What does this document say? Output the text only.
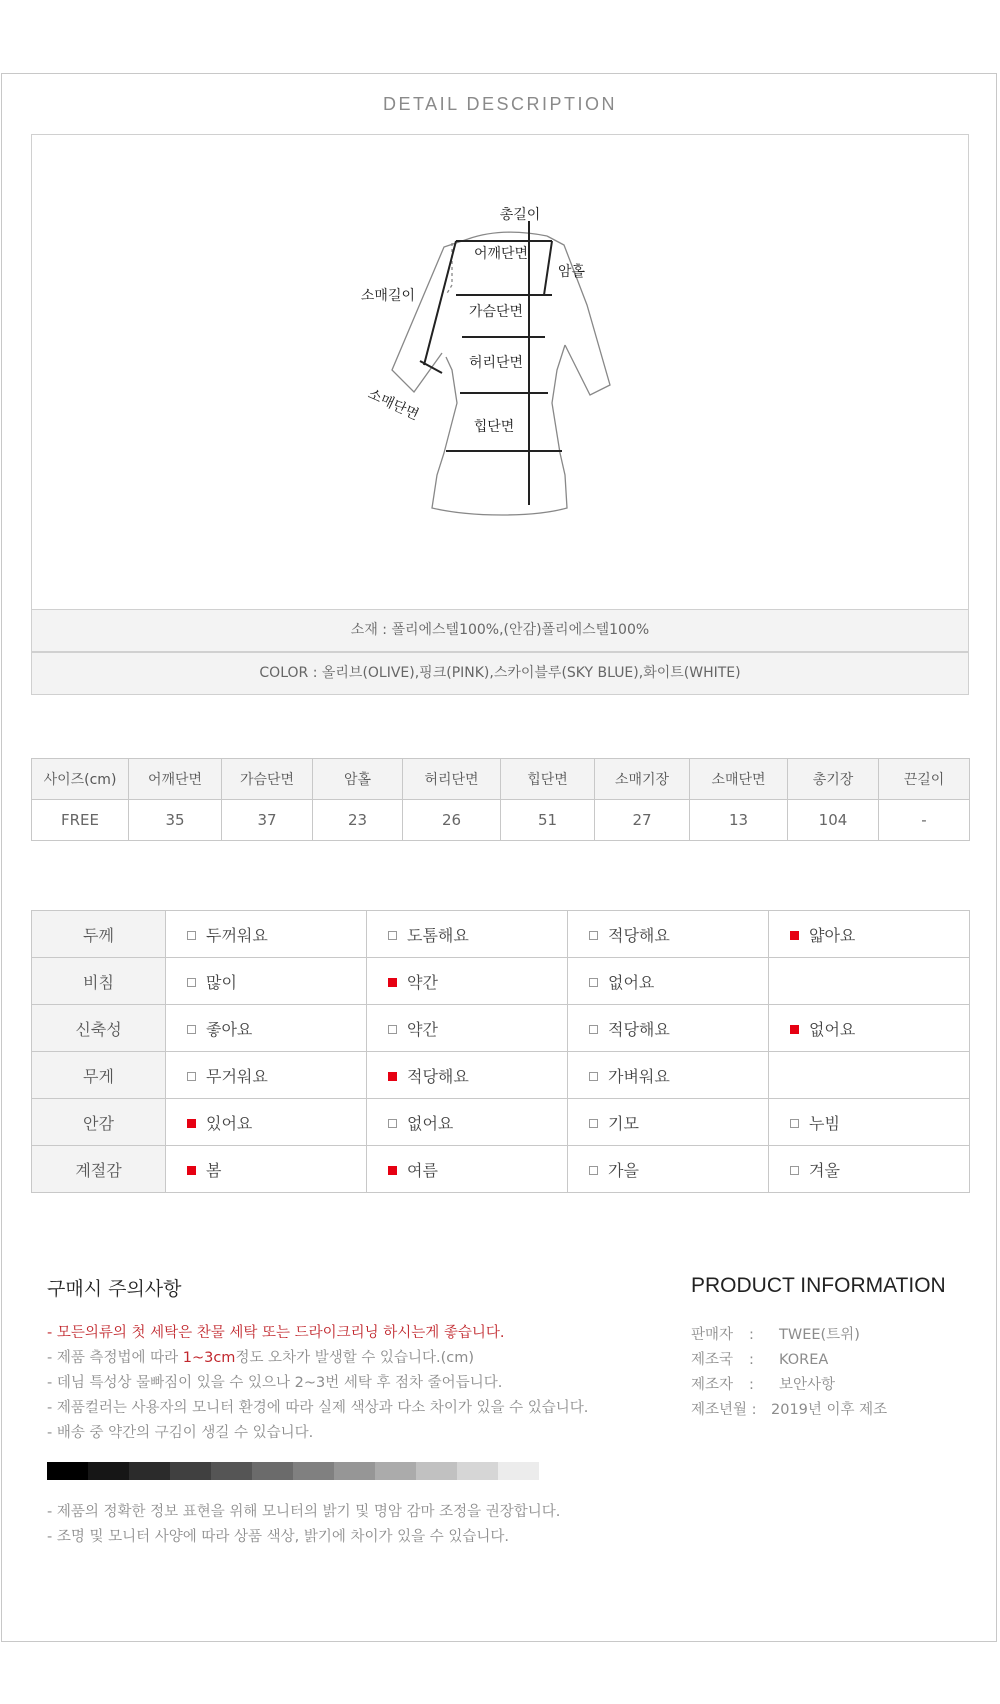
DETAIL DESCRIPTION
총길이
어깨단면
암홀
소매길이
가슴단면
허리단면
소매단면
힙단면
소재 : 폴리에스텔100%,(안감)폴리에스텔100%
COLOR : 올리브(OLIVE),핑크(PINK),스카이블루(SKY BLUE),화이트(WHITE)
사이즈(cm)	어깨단면	가슴단면	암홀	허리단면	힙단면	소매기장	소매단면	총기장	끈길이
FREE	35	37	23	26	51	27	13	104	-
두께	두꺼워요	도톰해요	적당해요	얇아요
비침	많이	약간	없어요	
신축성	좋아요	약간	적당해요	없어요
무게	무거워요	적당해요	가벼워요	
안감	있어요	없어요	기모	누빔
계절감	봄	여름	가을	겨울
구매시 주의사항
- 모든의류의 첫 세탁은 찬물 세탁 또는 드라이크리닝 하시는게 좋습니다.
- 제품 측정법에 따라 1~3cm정도 오차가 발생할 수 있습니다.(cm)
- 데님 특성상 물빠짐이 있을 수 있으나 2~3번 세탁 후 점차 줄어듭니다.
- 제품컬러는 사용자의 모니터 환경에 따라 실제 색상과 다소 차이가 있을 수 있습니다.
- 배송 중 약간의 구김이 생길 수 있습니다.
- 제품의 정확한 정보 표현을 위해 모니터의 밝기 및 명암 감마 조정을 권장합니다.
- 조명 및 모니터 사양에 따라 상품 색상, 밝기에 차이가 있을 수 있습니다.
PRODUCT INFORMATION
판매자 : TWEE(트위)
제조국 : KOREA
제조자 : 보안사항
제조년월 : 2019년 이후 제조
